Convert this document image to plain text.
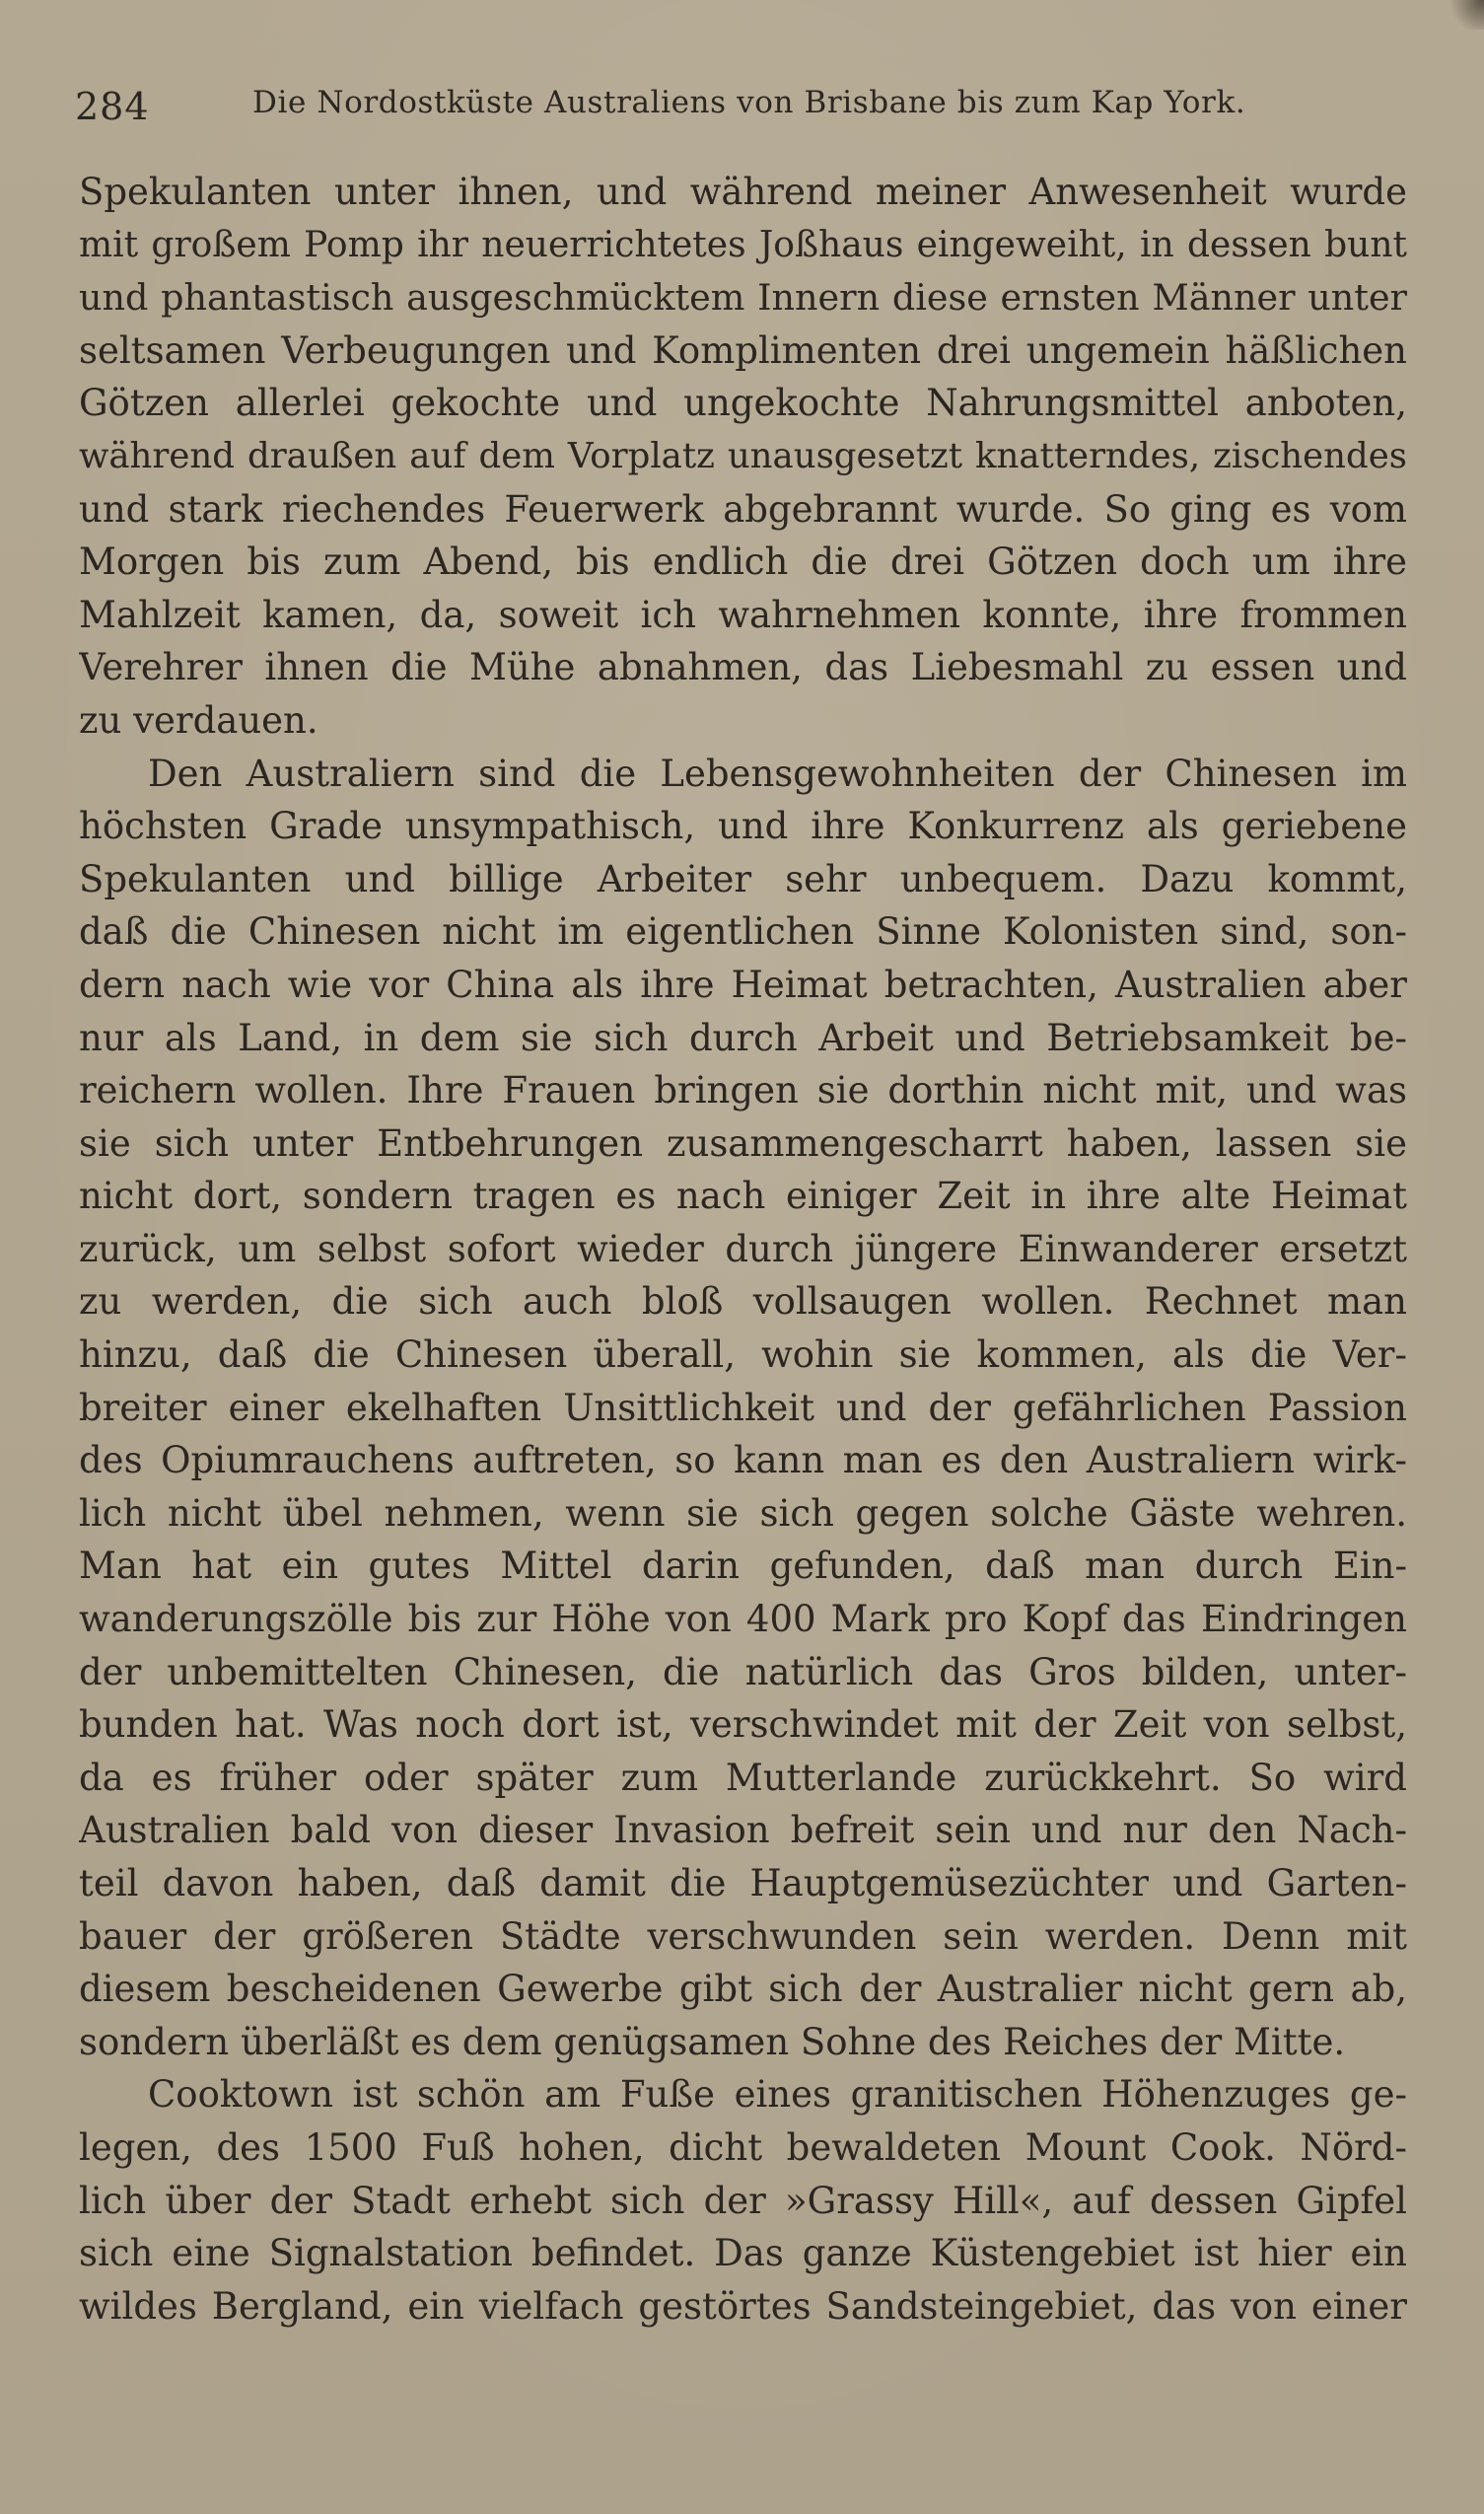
284	Die Nordostküste Australiens von Brisbane bis zum Kap York.
Spekulanten unter ihnen, und während meiner Anwesenheit wurde
mit großem Pomp ihr neuerrichtetes Joßhaus eingeweiht, in dessen bunt
und phantastisch ausgeschmücktem Innern diese ernsten Männer unter
seltsamen Verbeugungen und Komplimenten drei ungemein häßlichen
Götzen allerlei gekochte und ungekochte Nahrungsmittel anboten,
während draußen auf dem Vorplatz unausgesetzt knatterndes, zischendes
und stark riechendes Feuerwerk abgebrannt wurde. So ging es vom
Morgen bis zum Abend, bis endlich die drei Götzen doch um ihre
Mahlzeit kamen, da, soweit ich wahrnehmen konnte, ihre frommen
Verehrer ihnen die Mühe abnahmen, das Liebesmahl zu essen und
zu verdauen.
Den Australiern sind die Lebensgewohnheiten der Chinesen im
höchsten Grade unsympathisch, und ihre Konkurrenz als geriebene
Spekulanten und billige Arbeiter sehr unbequem. Dazu kommt,
daß die Chinesen nicht im eigentlichen Sinne Kolonisten sind, son-
dern nach wie vor China als ihre Heimat betrachten, Australien aber
nur als Land, in dem sie sich durch Arbeit und Betriebsamkeit be-
reichern wollen. Ihre Frauen bringen sie dorthin nicht mit, und was
sie sich unter Entbehrungen zusammengescharrt haben, lassen sie
nicht dort, sondern tragen es nach einiger Zeit in ihre alte Heimat
zurück, um selbst sofort wieder durch jüngere Einwanderer ersetzt
zu werden, die sich auch bloß vollsaugen wollen. Rechnet man
hinzu, daß die Chinesen überall, wohin sie kommen, als die Ver-
breiter einer ekelhaften Unsittlichkeit und der gefährlichen Passion
des Opiumrauchens auftreten, so kann man es den Australiern wirk-
lich nicht übel nehmen, wenn sie sich gegen solche Gäste wehren.
Man hat ein gutes Mittel darin gefunden, daß man durch Ein-
wanderungszölle bis zur Höhe von 400 Mark pro Kopf das Eindringen
der unbemittelten Chinesen, die natürlich das Gros bilden, unter-
bunden hat. Was noch dort ist, verschwindet mit der Zeit von selbst,
da es früher oder später zum Mutterlande zurückkehrt. So wird
Australien bald von dieser Invasion befreit sein und nur den Nach-
teil davon haben, daß damit die Hauptgemüsezüchter und Garten-
bauer der größeren Städte verschwunden sein werden. Denn mit
diesem bescheidenen Gewerbe gibt sich der Australier nicht gern ab,
sondern überläßt es dem genügsamen Sohne des Reiches der Mitte.
Cooktown ist schön am Fuße eines granitischen Höhenzuges ge-
legen, des 1500 Fuß hohen, dicht bewaldeten Mount Cook. Nörd-
lich über der Stadt erhebt sich der »Grassy Hill«, auf dessen Gipfel
sich eine Signalstation befindet. Das ganze Küstengebiet ist hier ein
wildes Bergland, ein vielfach gestörtes Sandsteingebiet, das von einer
